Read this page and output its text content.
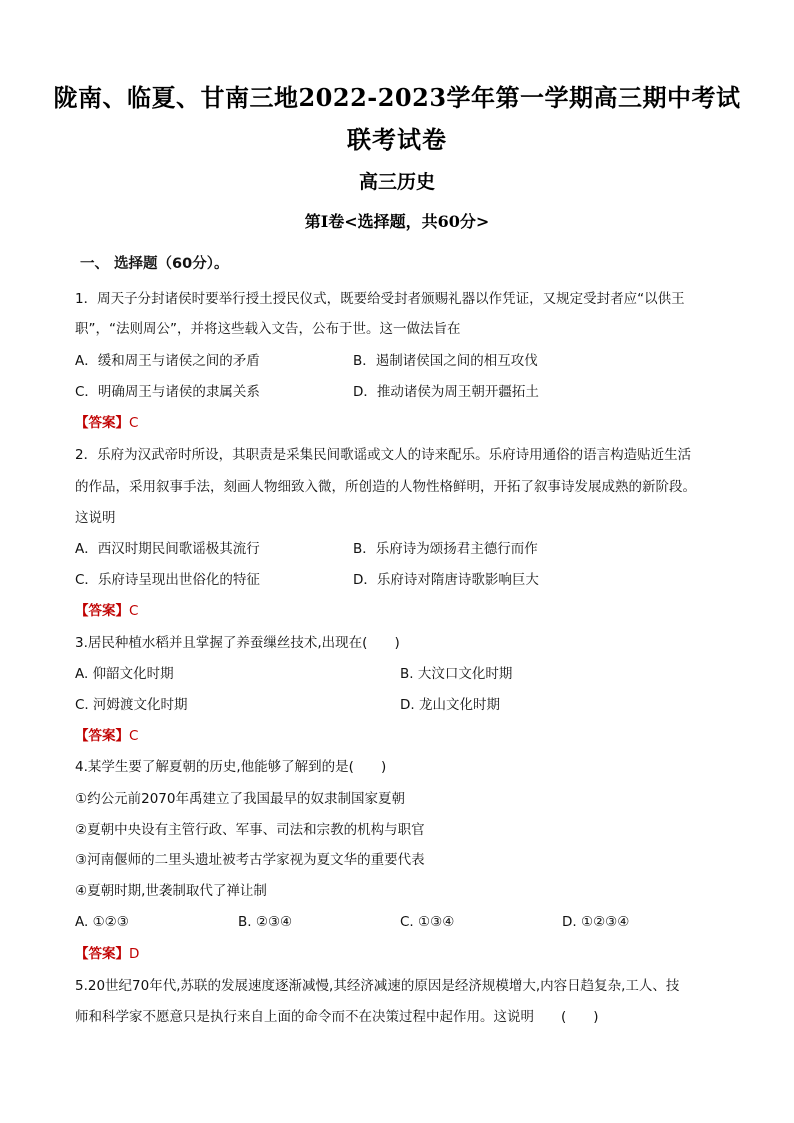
陇南、临夏、甘南三地2022-2023学年第一学期高三期中考试
联考试卷
高三历史
第Ⅰ卷<选择题，共60分>
一、 选择题（60分）。
1．周天子分封诸侯时要举行授土授民仪式，既要给受封者颁赐礼器以作凭证，又规定受封者应“以供王
职”，“法则周公”，并将这些载入文告，公布于世。这一做法旨在
A．缓和周王与诸侯之间的矛盾	B．遏制诸侯国之间的相互攻伐
C．明确周王与诸侯的隶属关系	D．推动诸侯为周王朝开疆拓土
【答案】C
2．乐府为汉武帝时所设，其职责是采集民间歌谣或文人的诗来配乐。乐府诗用通俗的语言构造贴近生活
的作品，采用叙事手法，刻画人物细致入微，所创造的人物性格鲜明，开拓了叙事诗发展成熟的新阶段。
这说明
A．西汉时期民间歌谣极其流行	B．乐府诗为颂扬君主德行而作
C．乐府诗呈现出世俗化的特征	D．乐府诗对隋唐诗歌影响巨大
【答案】C
3.居民种植水稻并且掌握了养蚕缫丝技术,出现在(　　)
A. 仰韶文化时期	B. 大汶口文化时期
C. 河姆渡文化时期	D. 龙山文化时期
【答案】C
4.某学生要了解夏朝的历史,他能够了解到的是(　　)
①约公元前2070年禹建立了我国最早的奴隶制国家夏朝
②夏朝中央设有主管行政、军事、司法和宗教的机构与职官
③河南偃师的二里头遗址被考古学家视为夏文华的重要代表
④夏朝时期,世袭制取代了禅让制
A. ①②③	B. ②③④	C. ①③④	D. ①②③④
【答案】D
5.20世纪70年代,苏联的发展速度逐渐减慢,其经济减速的原因是经济规模增大,内容日趋复杂,工人、技
师和科学家不愿意只是执行来自上面的命令而不在决策过程中起作用。这说明　　(　　)
